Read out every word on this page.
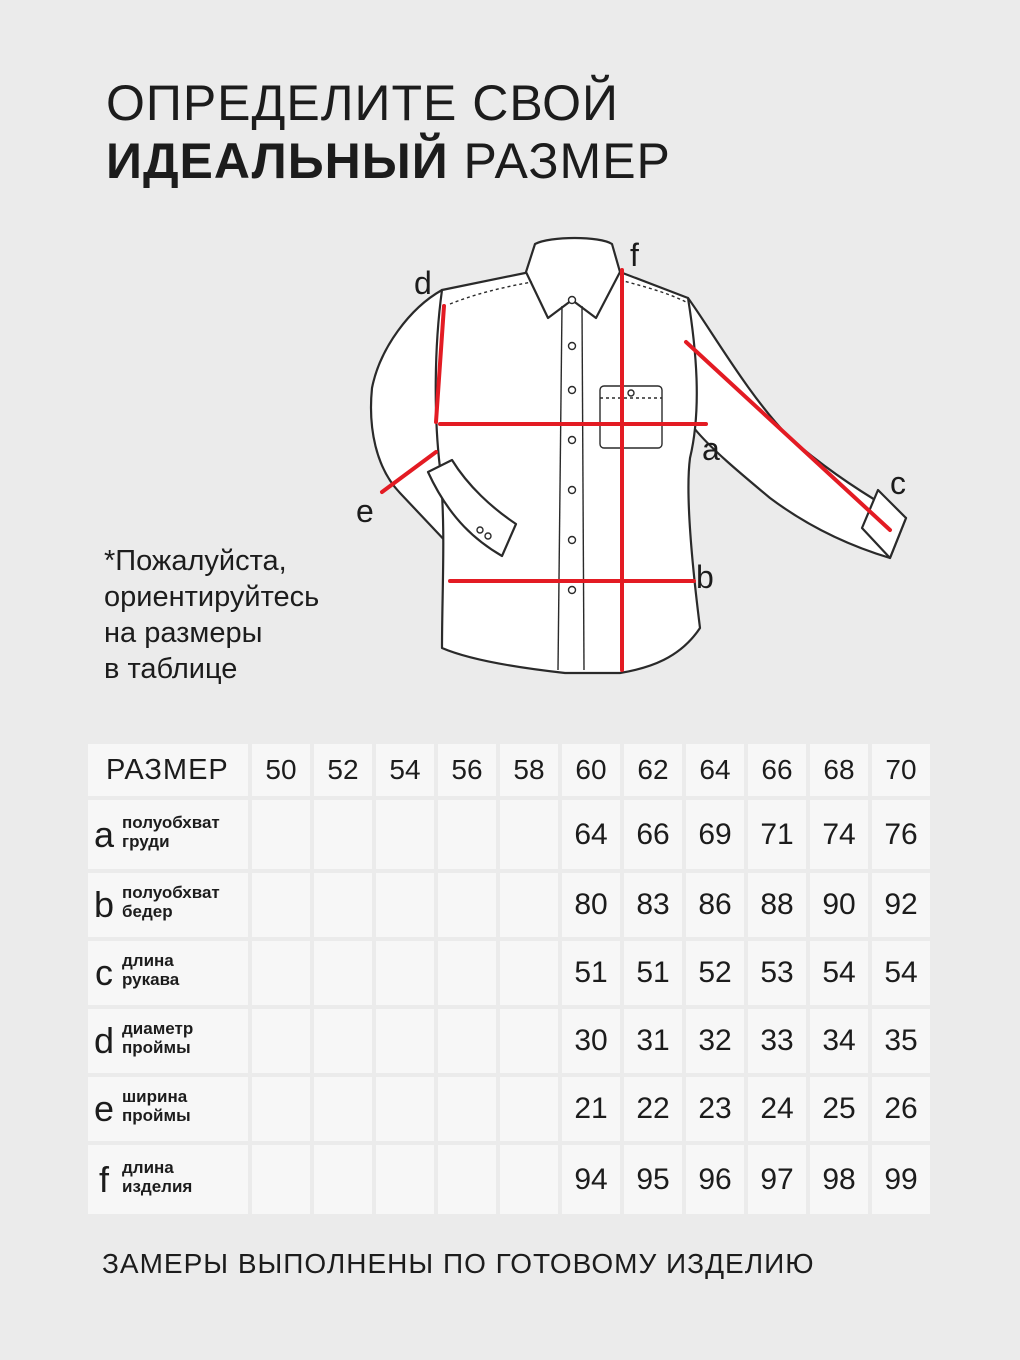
ОПРЕДЕЛИТЕ СВОЙ
ИДЕАЛЬНЫЙ РАЗМЕР
d
f
a
c
e
b
*Пожалуйста,
ориентируйтесь
на размеры
в таблице
РАЗМЕР	50	52	54	56	58	60	62	64	66	68	70

a полуобхват
груди						64	66	69	71	74	76

b полуобхват
бедер						80	83	86	88	90	92

c длина
рукава						51	51	52	53	54	54

d диаметр
проймы						30	31	32	33	34	35

e ширина
проймы						21	22	23	24	25	26

f длина
изделия						94	95	96	97	98	99
ЗАМЕРЫ ВЫПОЛНЕНЫ ПО ГОТОВОМУ ИЗДЕЛИЮ
